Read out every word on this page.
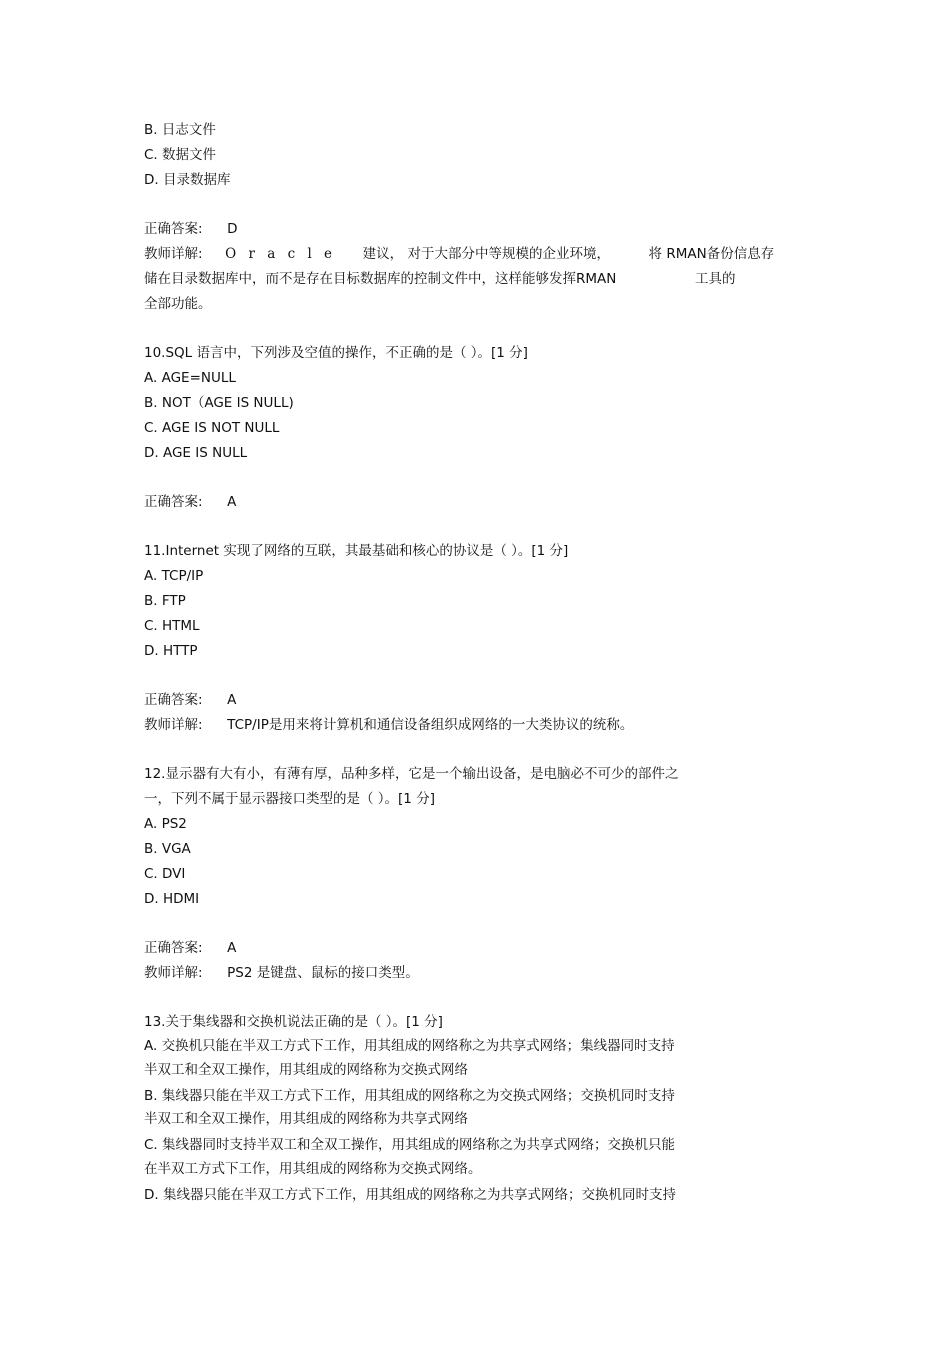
B. 日志文件
C. 数据文件
D. 目录数据库
正确答案: D
教师详解: O r a c l e 建议， 对于大部分中等规模的企业环境，	将 RMAN备份信息存
储在目录数据库中，而不是存在目标数据库的控制文件中，这样能够发挥RMAN	工具的
全部功能。
10.SQL 语言中，下列涉及空值的操作，不正确的是（ ）。[1 分]
A. AGE=NULL
B. NOT（AGE IS NULL)
C. AGE IS NOT NULL
D. AGE IS NULL
正确答案: A
11.Internet 实现了网络的互联，其最基础和核心的协议是（ ）。[1 分]
A. TCP/IP
B. FTP
C. HTML
D. HTTP
正确答案: A
教师详解: TCP/IP是用来将计算机和通信设备组织成网络的一大类协议的统称。
12.显示器有大有小，有薄有厚，品种多样，它是一个输出设备，是电脑必不可少的部件之
一，下列不属于显示器接口类型的是（ ）。[1 分]
A. PS2
B. VGA
C. DVI
D. HDMI
正确答案: A
教师详解: PS2 是键盘、鼠标的接口类型。
13.关于集线器和交换机说法正确的是（ ）。[1 分]
A. 交换机只能在半双工方式下工作，用其组成的网络称之为共享式网络；集线器同时支持
半双工和全双工操作，用其组成的网络称为交换式网络
B. 集线器只能在半双工方式下工作，用其组成的网络称之为交换式网络；交换机同时支持
半双工和全双工操作，用其组成的网络称为共享式网络
C. 集线器同时支持半双工和全双工操作，用其组成的网络称之为共享式网络；交换机只能
在半双工方式下工作，用其组成的网络称为交换式网络。
D. 集线器只能在半双工方式下工作，用其组成的网络称之为共享式网络；交换机同时支持
